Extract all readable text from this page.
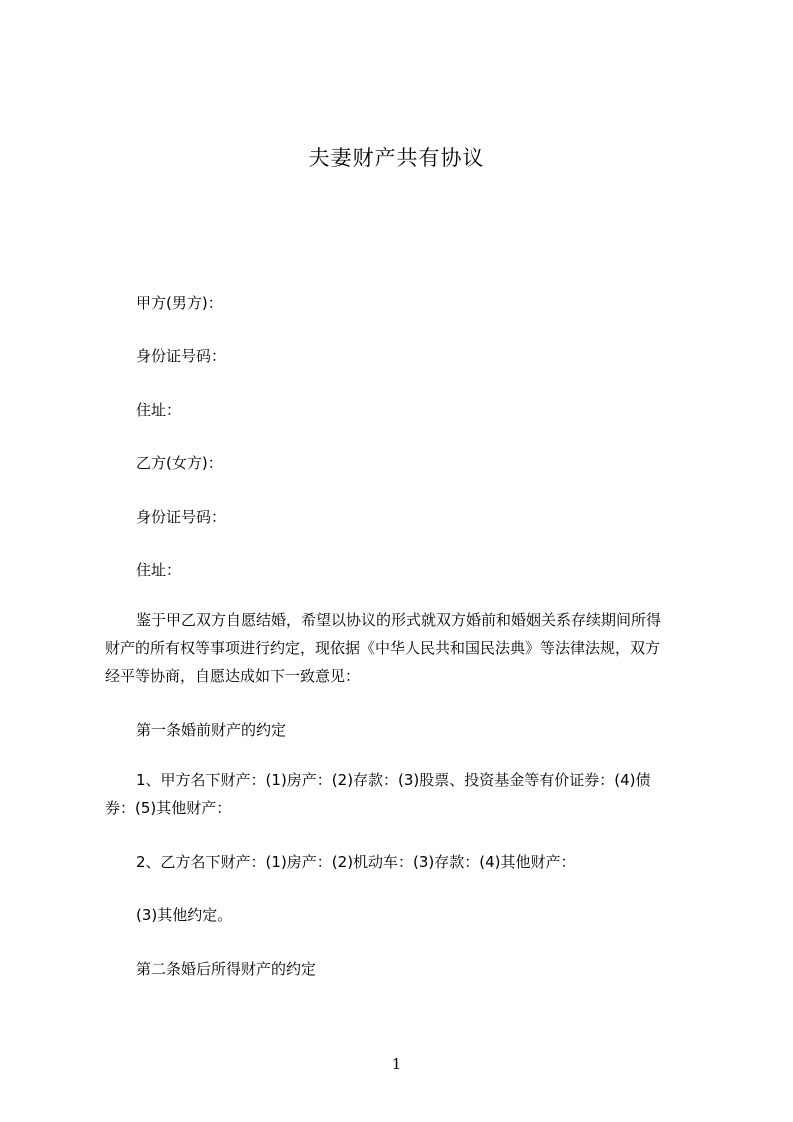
夫妻财产共有协议
甲方(男方)：
身份证号码：
住址：
乙方(女方)：
身份证号码：
住址：
鉴于甲乙双方自愿结婚，希望以协议的形式就双方婚前和婚姻关系存续期间所得
财产的所有权等事项进行约定，现依据《中华人民共和国民法典》等法律法规，双方
经平等协商，自愿达成如下一致意见：
第一条婚前财产的约定
1、甲方名下财产：(1)房产：(2)存款：(3)股票、投资基金等有价证券：(4)债
券：(5)其他财产：
2、乙方名下财产：(1)房产：(2)机动车：(3)存款：(4)其他财产：
(3)其他约定。
第二条婚后所得财产的约定
1
